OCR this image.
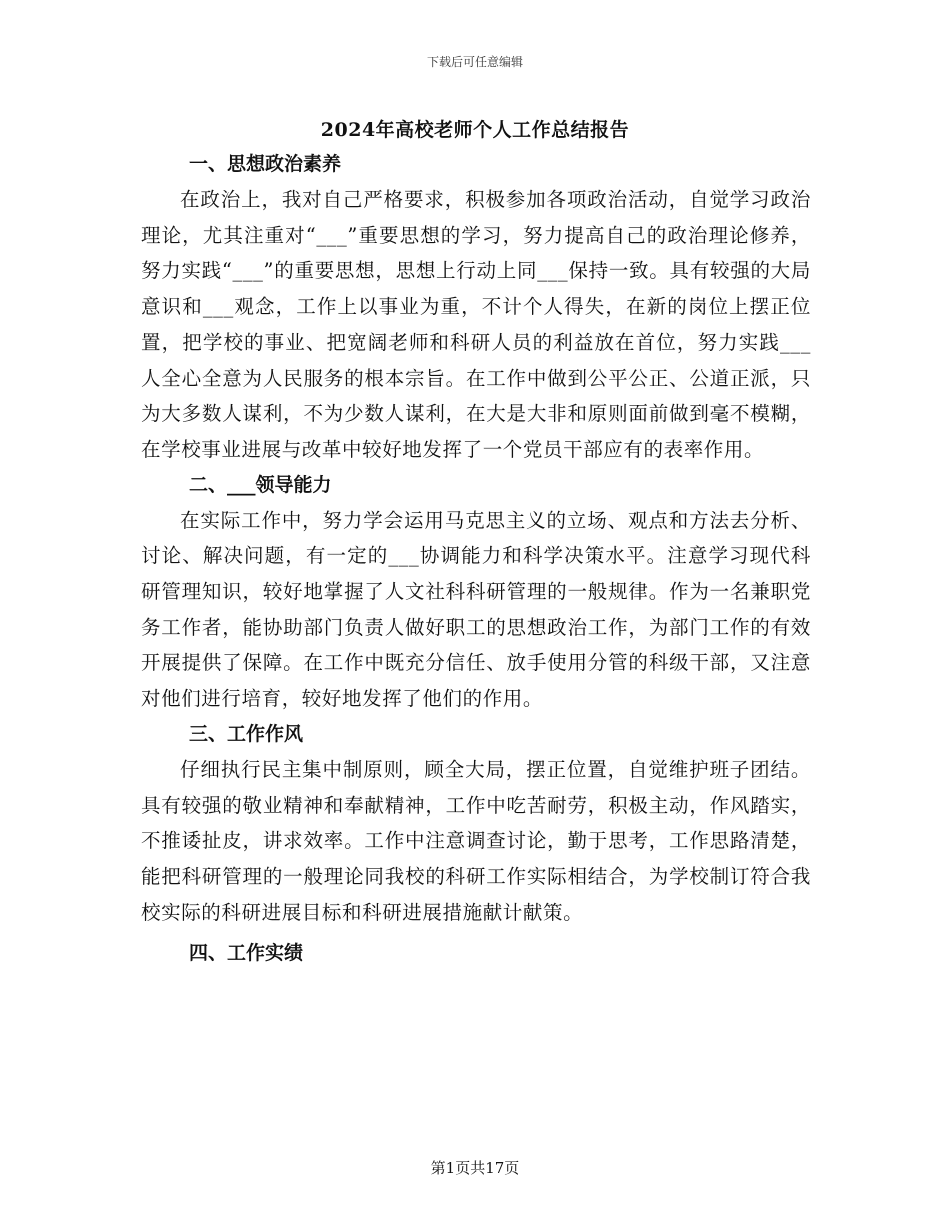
下载后可任意编辑
2024年高校老师个人工作总结报告
一、思想政治素养

在政治上，我对自己严格要求，积极参加各项政治活动，自觉学习政治理论，尤其注重对“___”重要思想的学习，努力提高自己的政治理论修养，努力实践“___”的重要思想，思想上行动上同___保持一致。具有较强的大局意识和___观念，工作上以事业为重，不计个人得失，在新的岗位上摆正位置，把学校的事业、把宽阔老师和科研人员的利益放在首位，努力实践___人全心全意为人民服务的根本宗旨。在工作中做到公平公正、公道正派，只为大多数人谋利，不为少数人谋利，在大是大非和原则面前做到毫不模糊，在学校事业进展与改革中较好地发挥了一个党员干部应有的表率作用。

二、___领导能力

在实际工作中，努力学会运用马克思主义的立场、观点和方法去分析、讨论、解决问题，有一定的___协调能力和科学决策水平。注意学习现代科研管理知识，较好地掌握了人文社科科研管理的一般规律。作为一名兼职党务工作者，能协助部门负责人做好职工的思想政治工作，为部门工作的有效开展提供了保障。在工作中既充分信任、放手使用分管的科级干部，又注意对他们进行培育，较好地发挥了他们的作用。

三、工作作风

仔细执行民主集中制原则，顾全大局，摆正位置，自觉维护班子团结。具有较强的敬业精神和奉献精神，工作中吃苦耐劳，积极主动，作风踏实，不推诿扯皮，讲求效率。工作中注意调查讨论，勤于思考，工作思路清楚，能把科研管理的一般理论同我校的科研工作实际相结合，为学校制订符合我校实际的科研进展目标和科研进展措施献计献策。

四、工作实绩
第1页共17页
